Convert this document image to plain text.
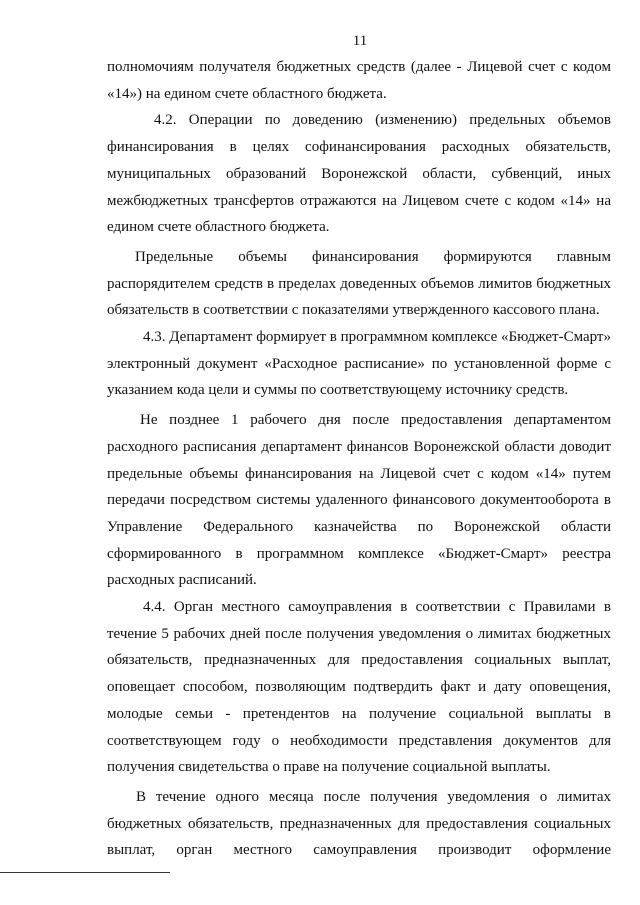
11

полномочиям получателя бюджетных средств (далее - Лицевой счет с кодом «14») на едином счете областного бюджета.

4.2. Операции по доведению (изменению) предельных объемов финансирования в целях софинансирования расходных обязательств, муниципальных образований Воронежской области, субвенций, иных межбюджетных трансфертов отражаются на Лицевом счете с кодом «14» на едином счете областного бюджета.

Предельные объемы финансирования формируются главным распорядителем средств в пределах доведенных объемов лимитов бюджетных обязательств в соответствии с показателями утвержденного кассового плана.

4.3. Департамент формирует в программном комплексе «Бюджет-Смарт» электронный документ «Расходное расписание» по установленной форме с указанием кода цели и суммы по соответствующему источнику средств.

Не позднее 1 рабочего дня после предоставления департаментом расходного расписания департамент финансов Воронежской области доводит предельные объемы финансирования на Лицевой счет с кодом «14» путем передачи посредством системы удаленного финансового документооборота в Управление Федерального казначейства по Воронежской области сформированного в программном комплексе «Бюджет-Смарт» реестра расходных расписаний.

4.4. Орган местного самоуправления в соответствии с Правилами в течение 5 рабочих дней после получения уведомления о лимитах бюджетных обязательств, предназначенных для предоставления социальных выплат, оповещает способом, позволяющим подтвердить факт и дату оповещения, молодые семьи - претендентов на получение социальной выплаты в соответствующем году о необходимости представления документов для получения свидетельства о праве на получение социальной выплаты.

В течение одного месяца после получения уведомления о лимитах бюджетных обязательств, предназначенных для предоставления социальных выплат, орган местного самоуправления производит оформление
